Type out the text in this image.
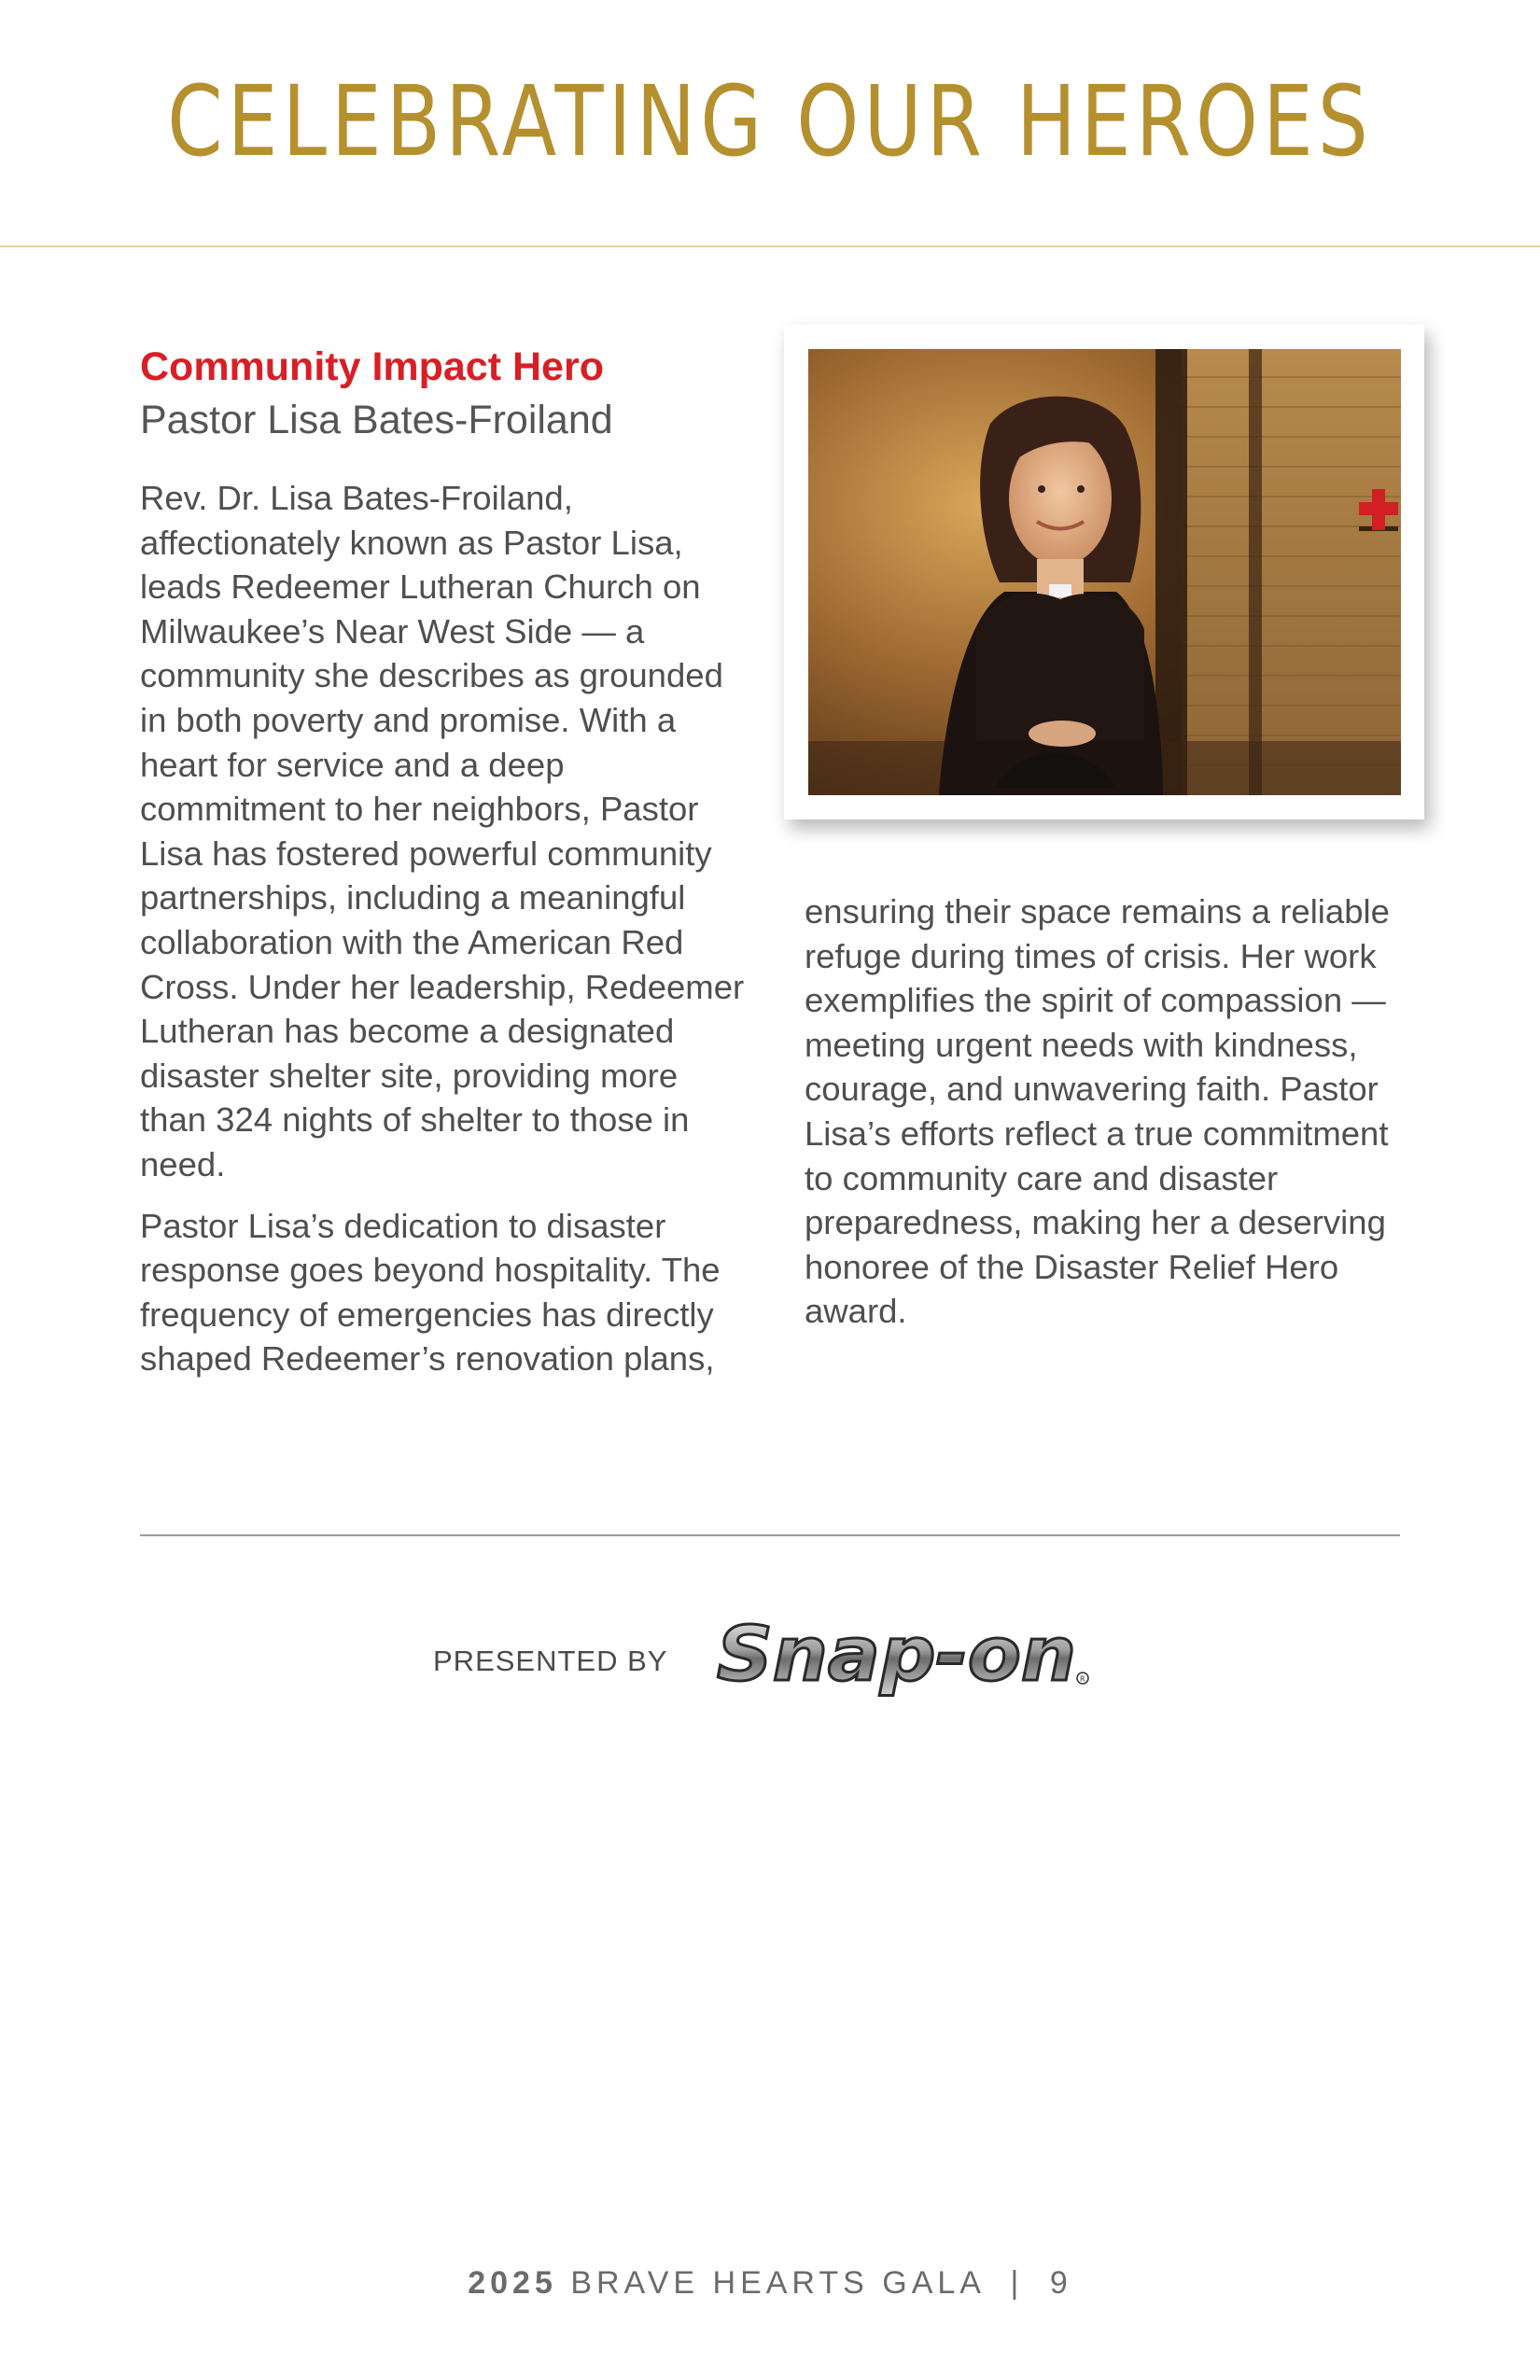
CELEBRATING OUR HEROES
Community Impact Hero
Pastor Lisa Bates-Froiland

Rev. Dr. Lisa Bates-Froiland, affectionately known as Pastor Lisa, leads Redeemer Lutheran Church on Milwaukee’s Near West Side — a community she describes as grounded in both poverty and promise. With a heart for service and a deep commitment to her neighbors, Pastor Lisa has fostered powerful community partnerships, including a meaningful collaboration with the American Red Cross. Under her leadership, Redeemer Lutheran has become a designated disaster shelter site, providing more than 324 nights of shelter to those in need.

Pastor Lisa’s dedication to disaster response goes beyond hospitality. The frequency of emergencies has directly shaped Redeemer’s renovation plans,

ensuring their space remains a reliable refuge during times of crisis. Her work exemplifies the spirit of compassion — meeting urgent needs with kindness, courage, and unwavering faith. Pastor Lisa’s efforts reflect a true commitment to community care and disaster preparedness, making her a deserving honoree of the Disaster Relief Hero award.

PRESENTED BY Snap-on R
2025 BRAVE HEARTS GALA | 9
